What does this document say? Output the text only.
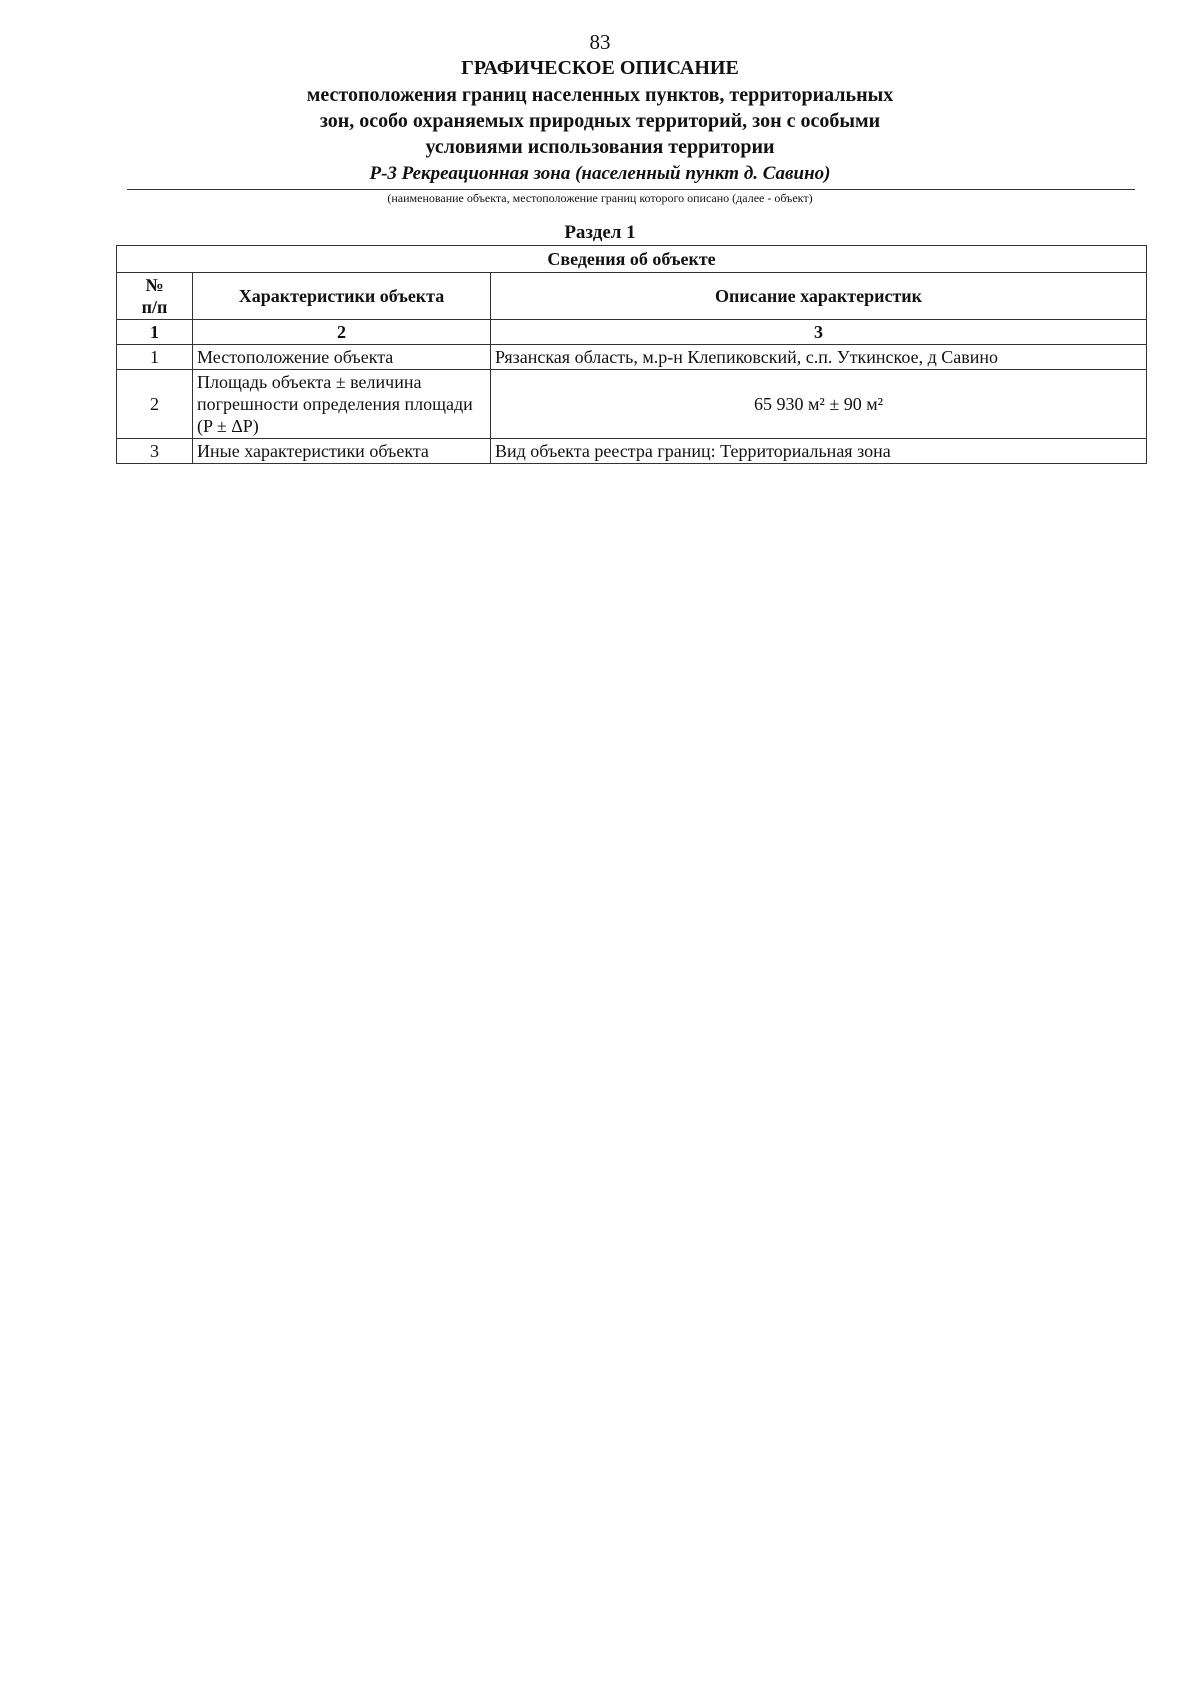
83
ГРАФИЧЕСКОЕ ОПИСАНИЕ
местоположения границ населенных пунктов, территориальных
зон, особо охраняемых природных территорий, зон с особыми
условиями использования территории
Р-3 Рекреационная зона (населенный пункт д. Савино)
(наименование объекта, местоположение границ которого описано (далее - объект)
Раздел 1
Сведения об объекте		

№
п/п	Характеристики объекта	Описание характеристик
1	2	3
1	Местоположение объекта	Рязанская область, м.р-н Клепиковский, с.п. Уткинское, д Савино
2	Площадь объекта ± величина
погрешности определения площади
(P ± ΔP)	65 930 м² ± 90 м²
3	Иные характеристики объекта	Вид объекта реестра границ: Территориальная зона
